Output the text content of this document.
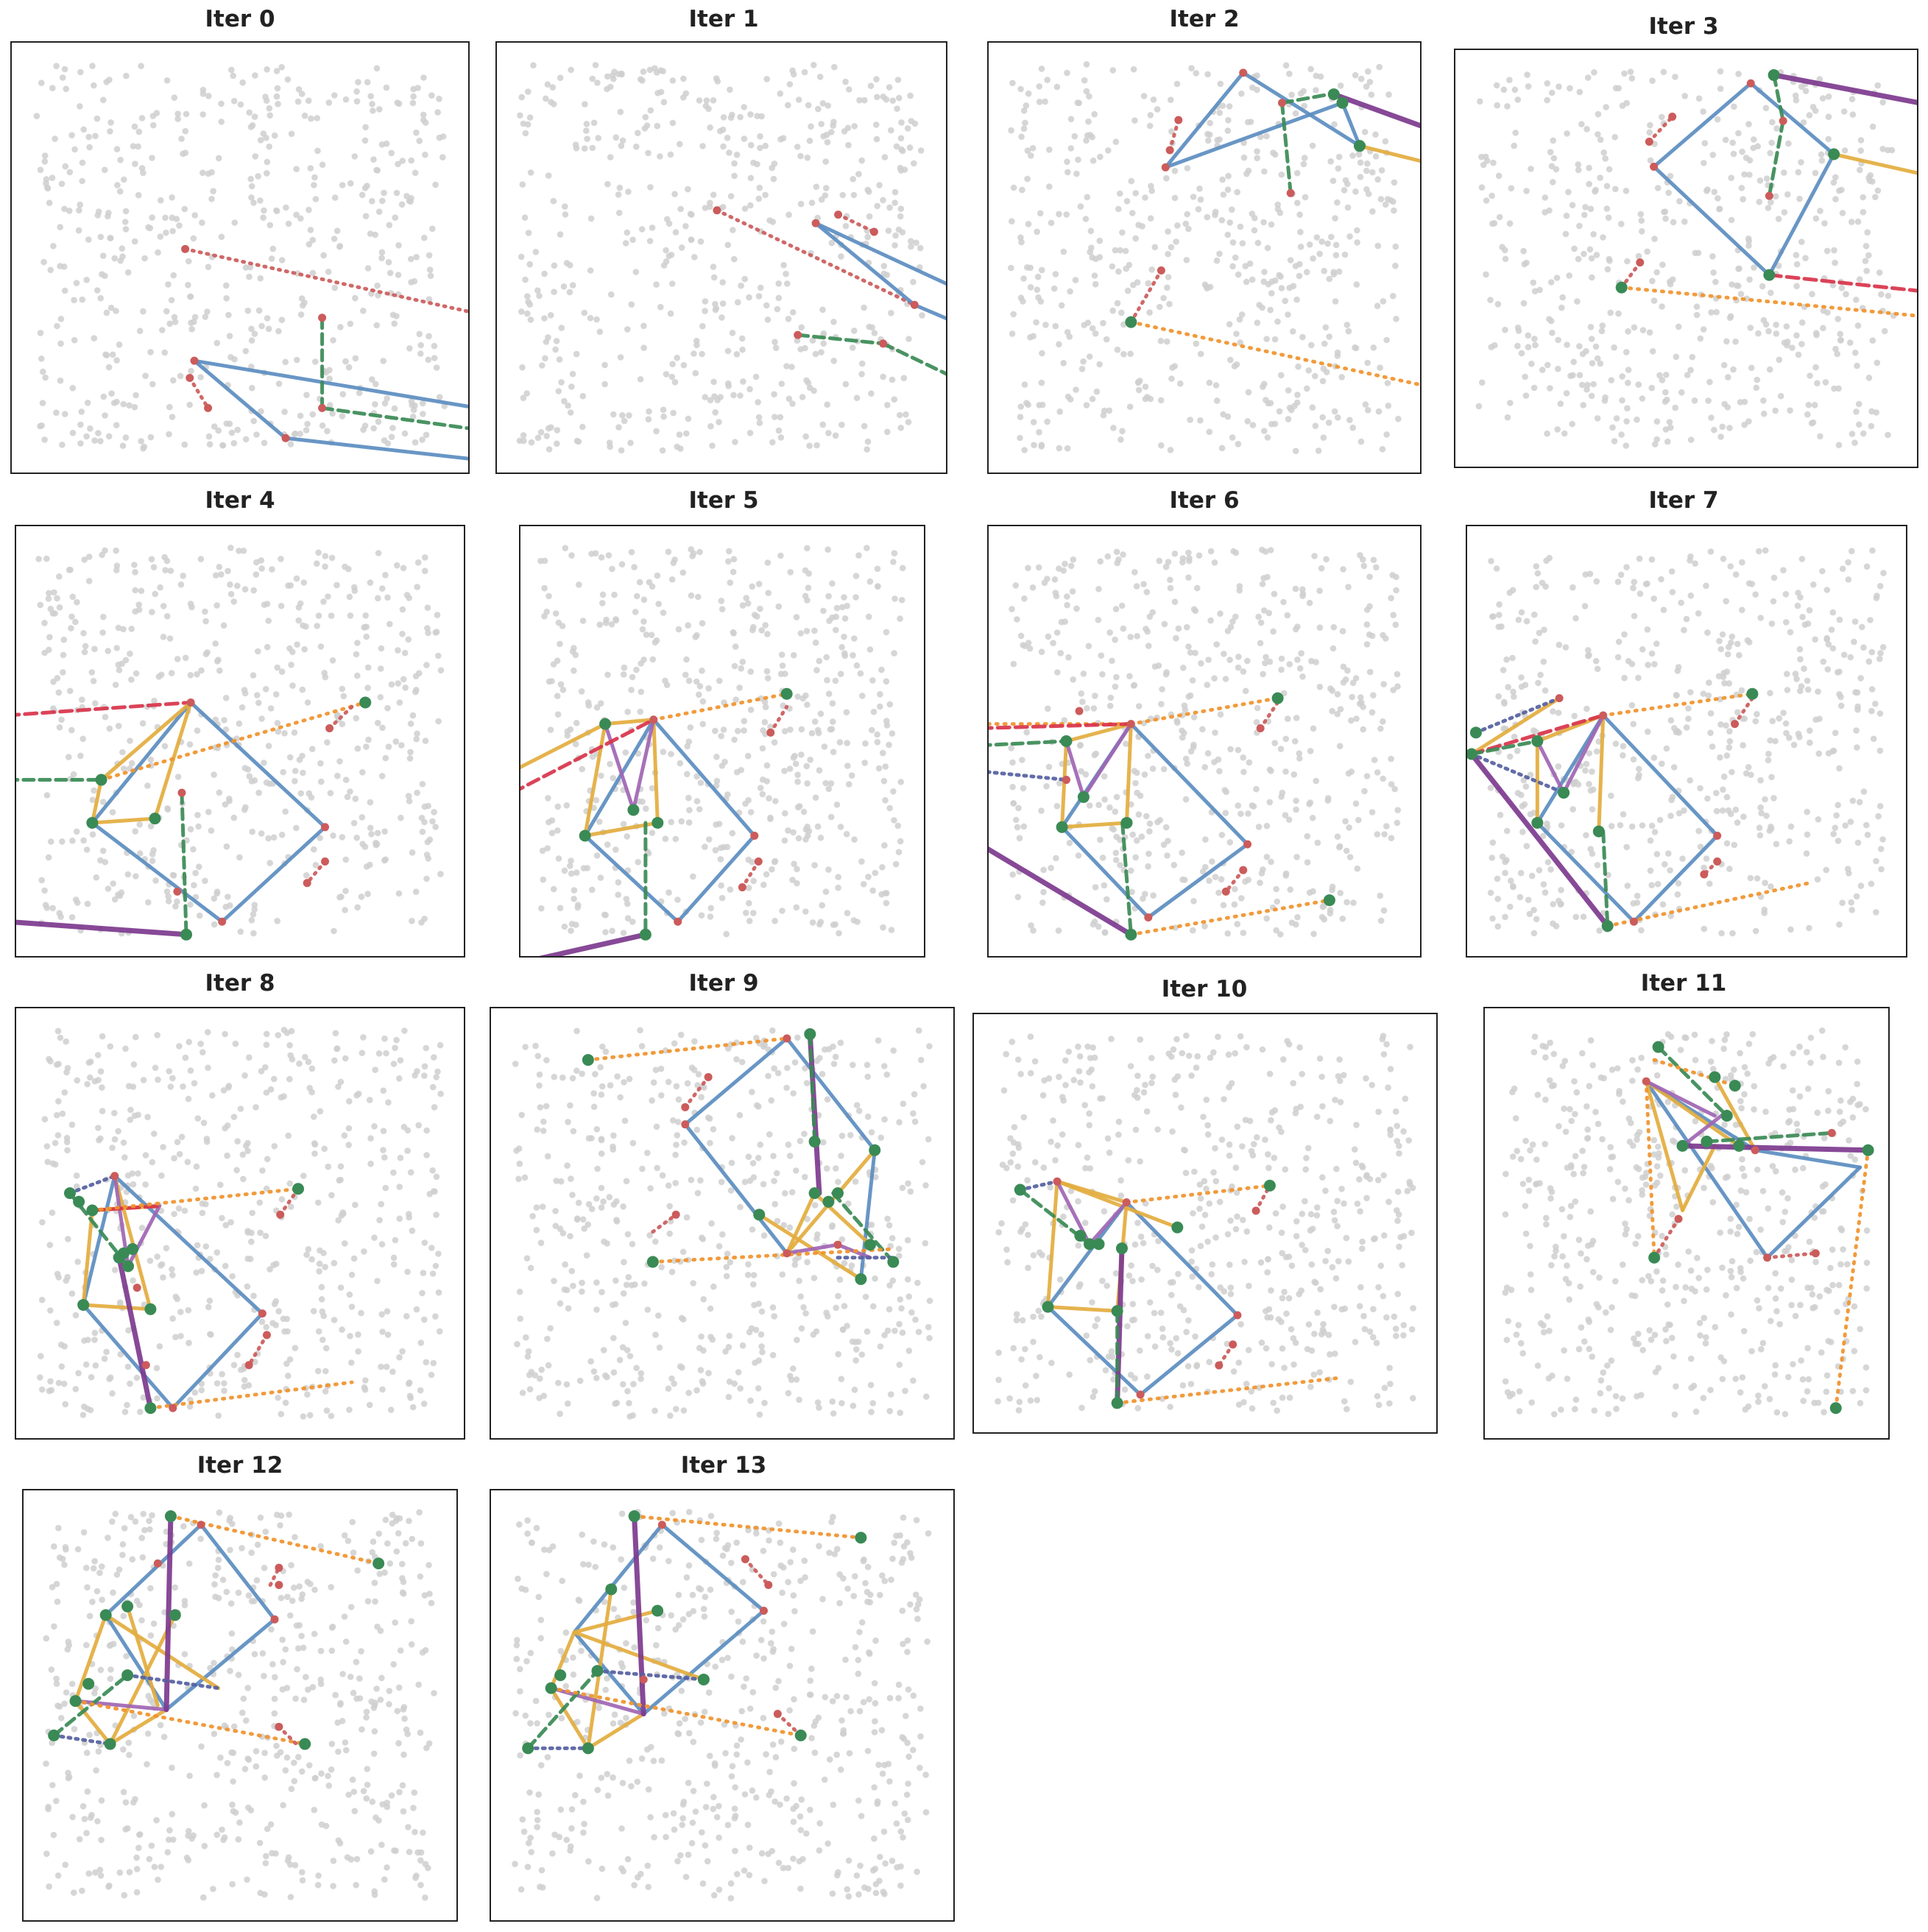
Iter 0	Iter 1	Iter 2	Iter 3
Iter 4	Iter 5	Iter 6	Iter 7
Iter 8	Iter 9	Iter 10	Iter 11
Iter 12	Iter 13
